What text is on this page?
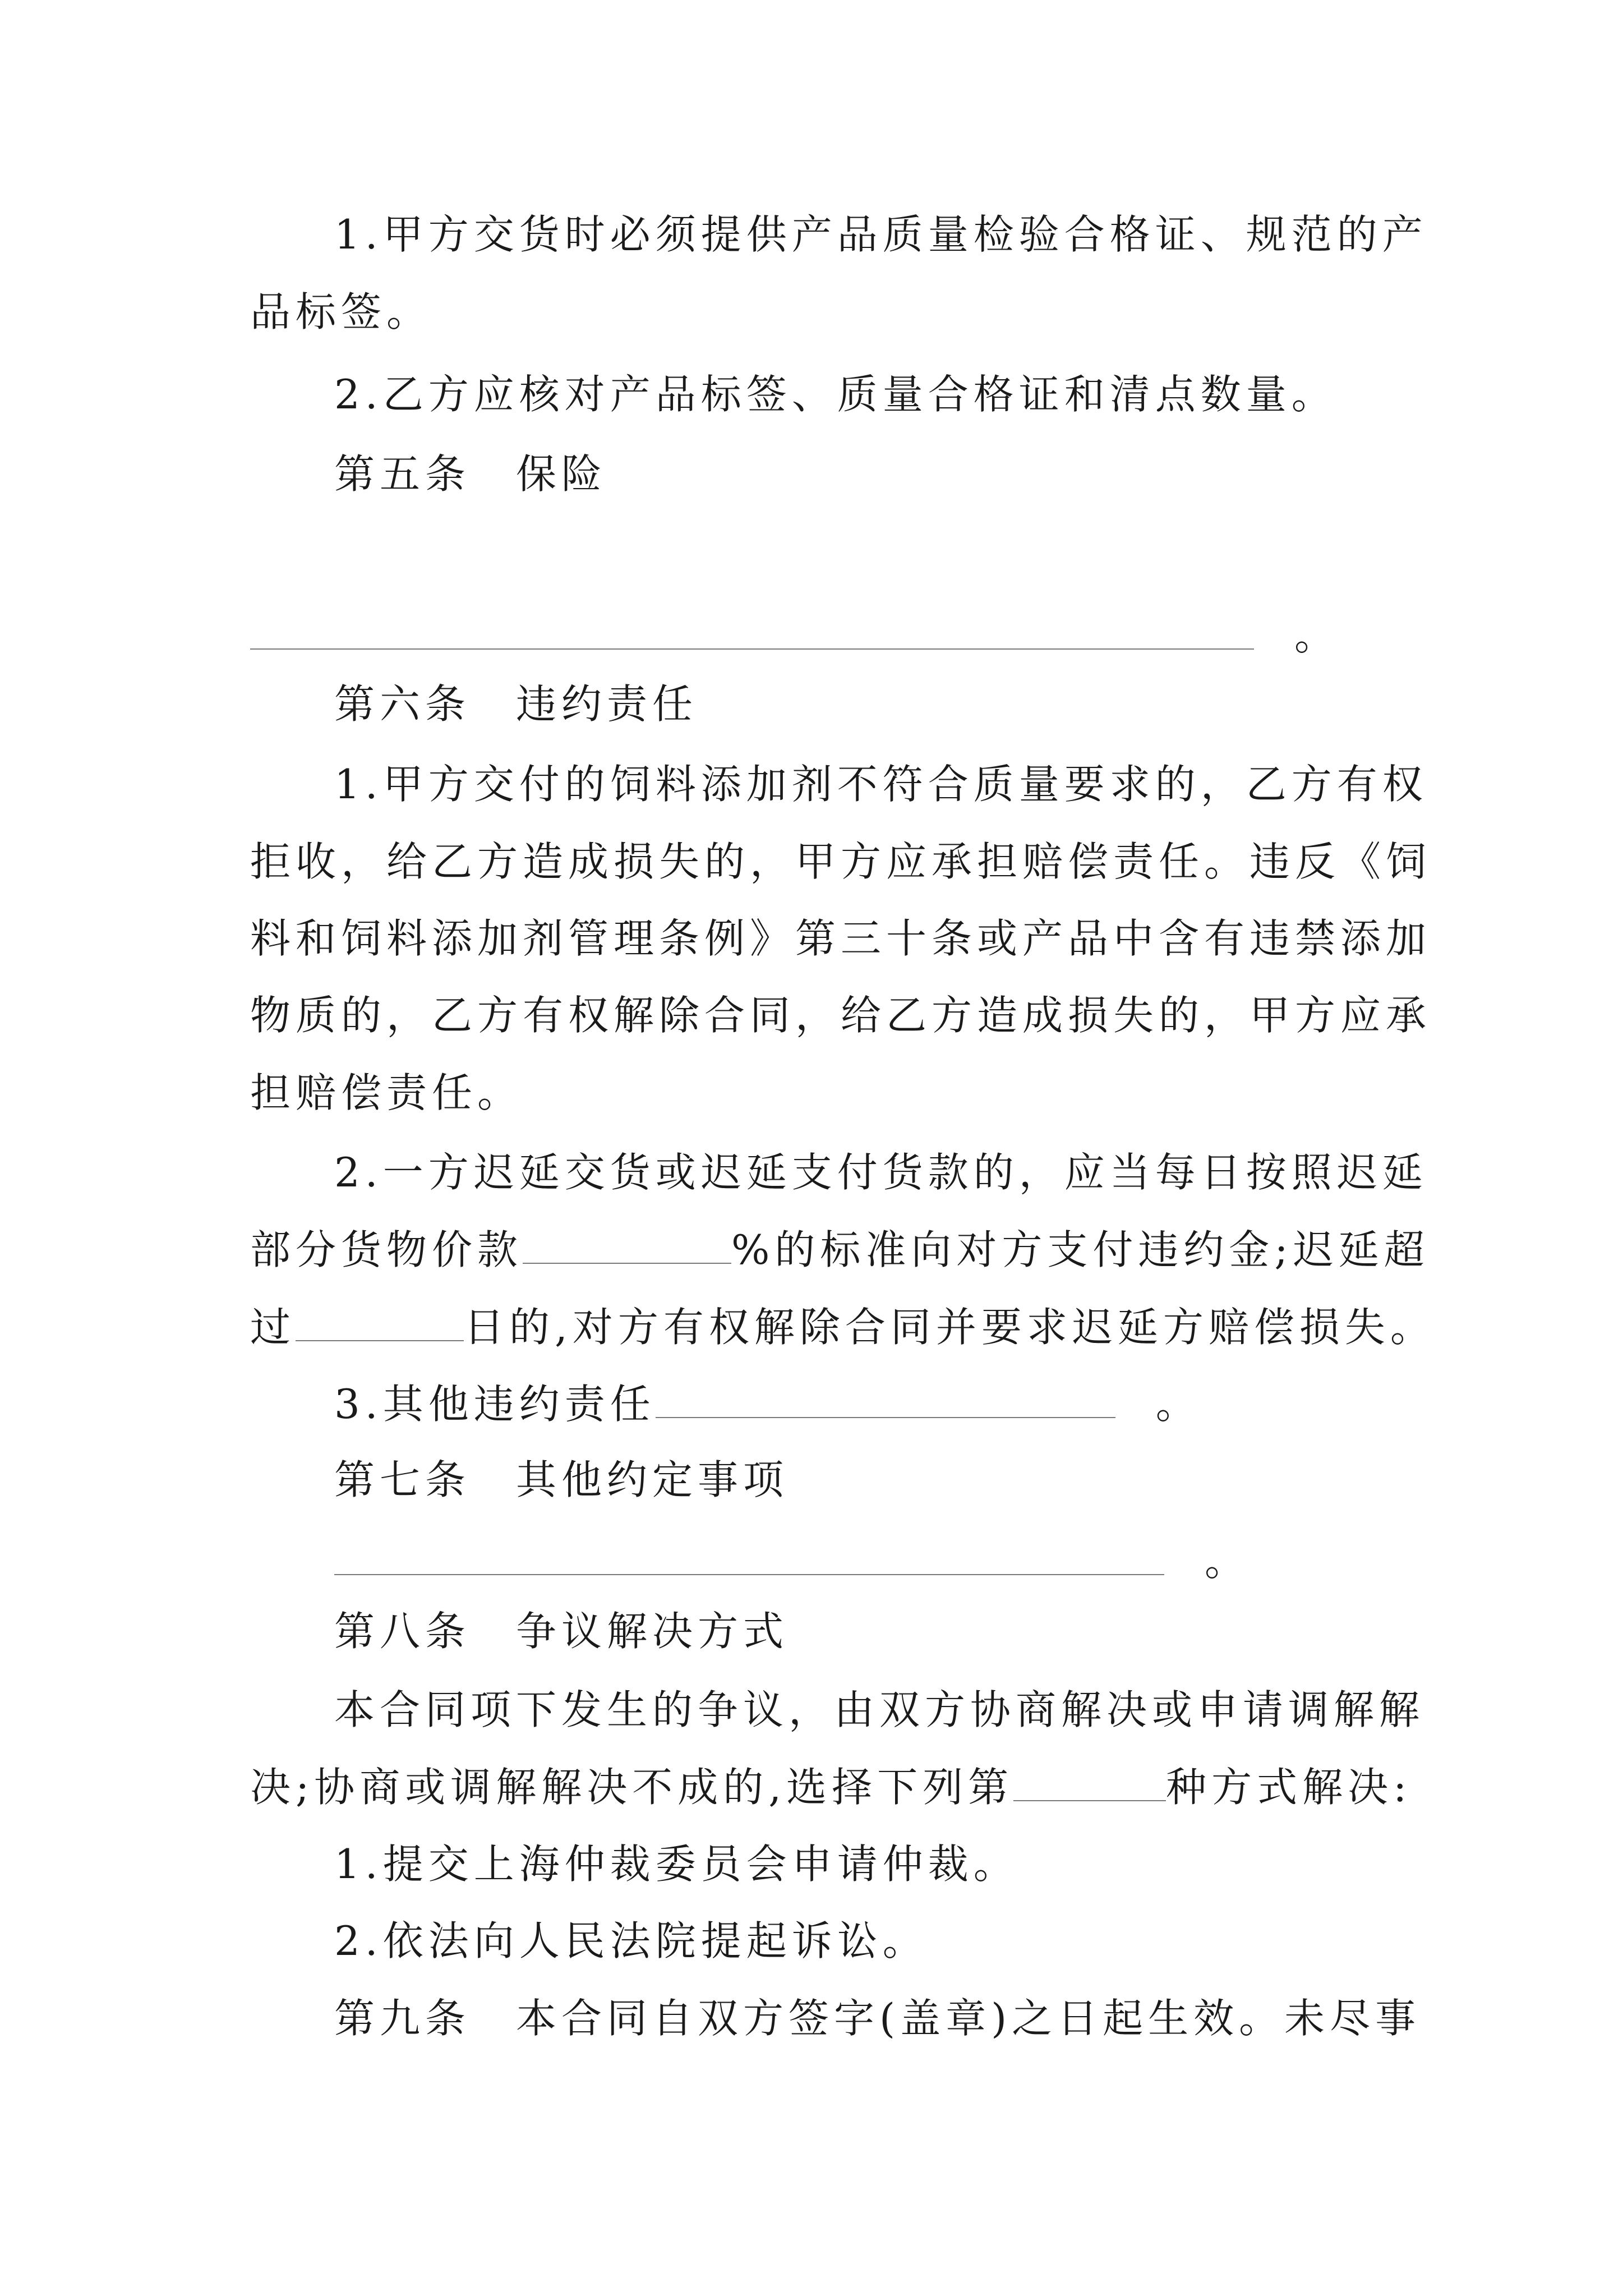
1.甲方交货时必须提供产品质量检验合格证、规范的产
品标签。
2.乙方应核对产品标签、质量合格证和清点数量。
第五条　保险
。
第六条　违约责任
1.甲方交付的饲料添加剂不符合质量要求的，乙方有权
拒收，给乙方造成损失的，甲方应承担赔偿责任。违反《饲
料和饲料添加剂管理条例》第三十条或产品中含有违禁添加
物质的，乙方有权解除合同，给乙方造成损失的，甲方应承
担赔偿责任。
2.一方迟延交货或迟延支付货款的，应当每日按照迟延
部分货物价款	%的标准向对方支付违约金;迟延超
过	日的,对方有权解除合同并要求迟延方赔偿损失。
3.其他违约责任	。
第七条　其他约定事项
。
第八条　争议解决方式
本合同项下发生的争议，由双方协商解决或申请调解解
决;协商或调解解决不成的,选择下列第	种方式解决:
1.提交上海仲裁委员会申请仲裁。
2.依法向人民法院提起诉讼。
第九条　本合同自双方签字(盖章)之日起生效。未尽事
